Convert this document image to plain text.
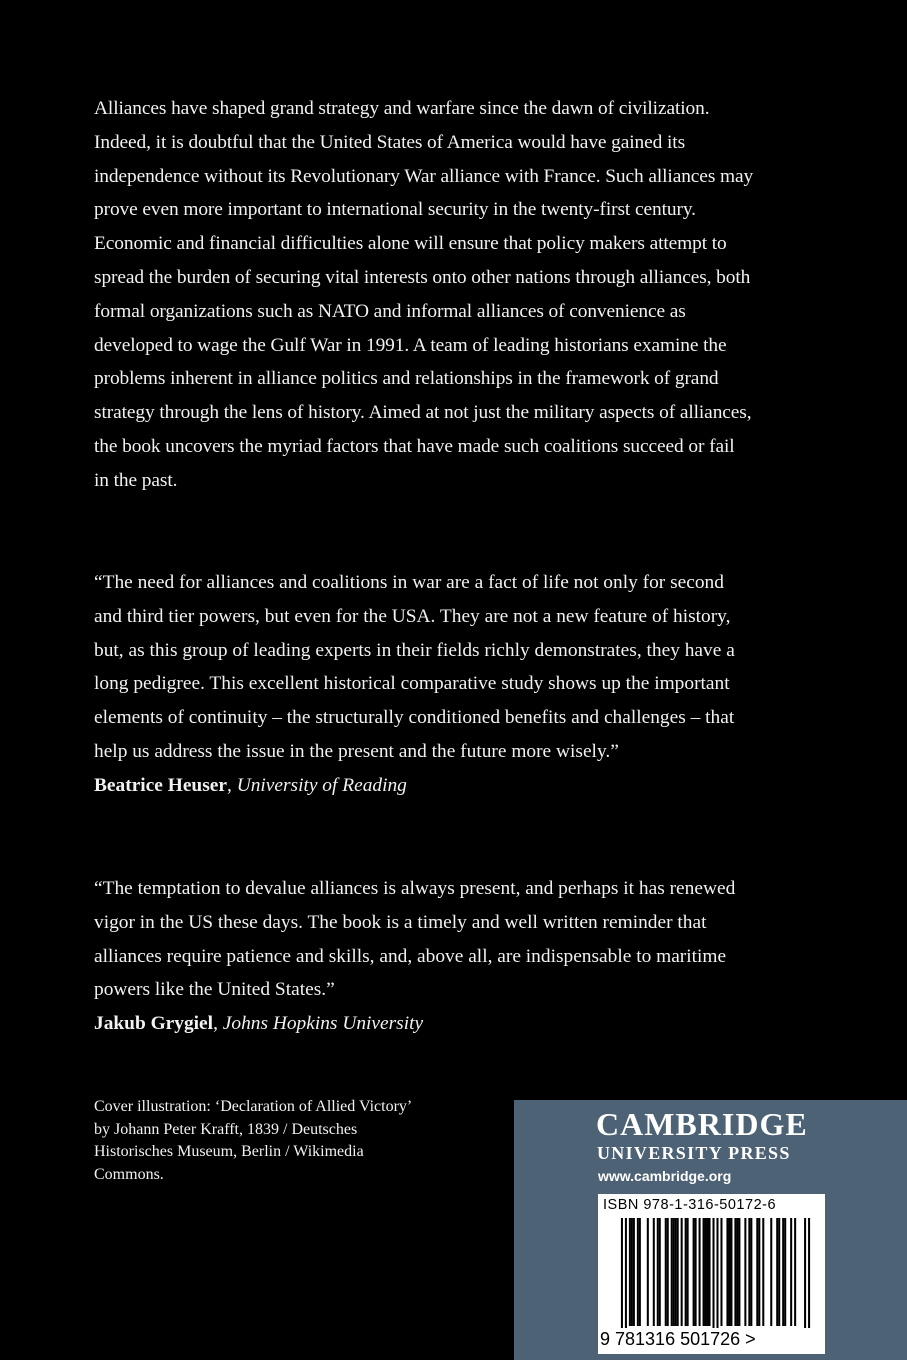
Alliances have shaped grand strategy and warfare since the dawn of civilization. Indeed, it is doubtful that the United States of America would have gained its independence without its Revolutionary War alliance with France. Such alliances may prove even more important to international security in the twenty-first century. Economic and financial difficulties alone will ensure that policy makers attempt to spread the burden of securing vital interests onto other nations through alliances, both formal organizations such as NATO and informal alliances of convenience as developed to wage the Gulf War in 1991. A team of leading historians examine the problems inherent in alliance politics and relationships in the framework of grand strategy through the lens of history. Aimed at not just the military aspects of alliances, the book uncovers the myriad factors that have made such coalitions succeed or fail in the past.
“The need for alliances and coalitions in war are a fact of life not only for second and third tier powers, but even for the USA. They are not a new feature of history, but, as this group of leading experts in their fields richly demonstrates, they have a long pedigree. This excellent historical comparative study shows up the important elements of continuity – the structurally conditioned benefits and challenges – that help us address the issue in the present and the future more wisely.”
Beatrice Heuser, University of Reading
“The temptation to devalue alliances is always present, and perhaps it has renewed vigor in the US these days. The book is a timely and well written reminder that alliances require patience and skills, and, above all, are indispensable to maritime powers like the United States.”
Jakub Grygiel, Johns Hopkins University
Cover illustration: ‘Declaration of Allied Victory’ by Johann Peter Krafft, 1839 / Deutsches Historisches Museum, Berlin / Wikimedia Commons.
CAMBRIDGE
UNIVERSITY PRESS
www.cambridge.org
ISBN 978-1-316-50172-6
9 781316 501726 >
